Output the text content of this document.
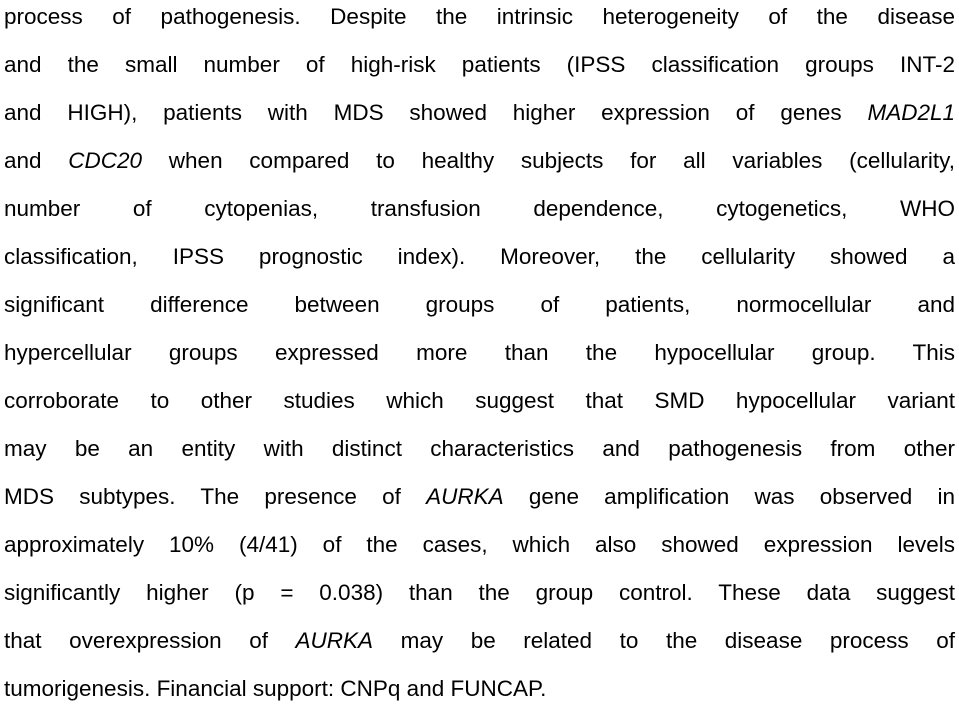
process of pathogenesis. Despite the intrinsic heterogeneity of the disease
and the small number of high-risk patients (IPSS classification groups INT-2
and HIGH), patients with MDS showed higher expression of genes MAD2L1
and CDC20 when compared to healthy subjects for all variables (cellularity,
number of cytopenias, transfusion dependence, cytogenetics, WHO
classification, IPSS prognostic index). Moreover, the cellularity showed a
significant difference between groups of patients, normocellular and
hypercellular groups expressed more than the hypocellular group. This
corroborate to other studies which suggest that SMD hypocellular variant
may be an entity with distinct characteristics and pathogenesis from other
MDS subtypes. The presence of AURKA gene amplification was observed in
approximately 10% (4/41) of the cases, which also showed expression levels
significantly higher (p = 0.038) than the group control. These data suggest
that overexpression of AURKA may be related to the disease process of
tumorigenesis. Financial support: CNPq and FUNCAP.
